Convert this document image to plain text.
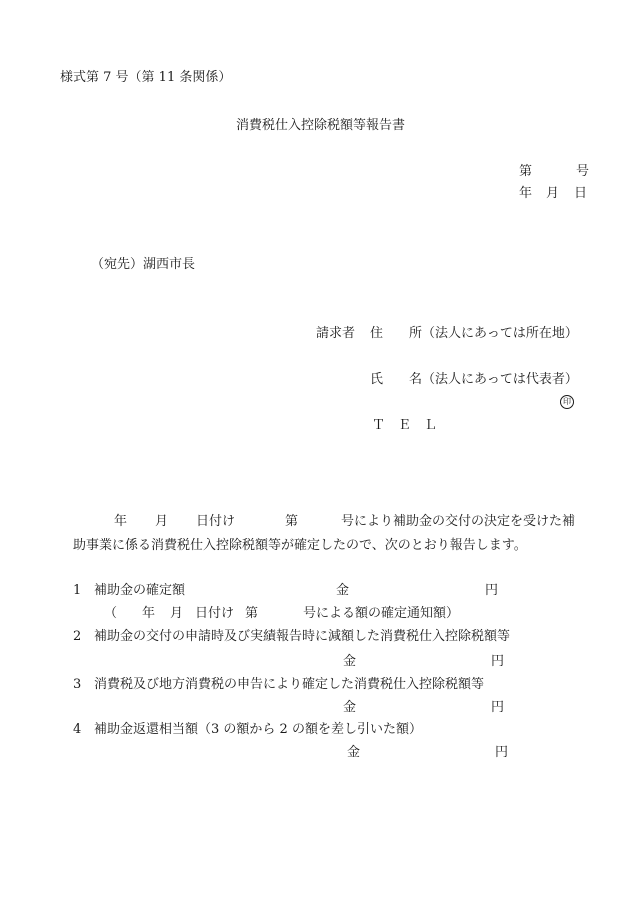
様式第 7 号（第 11 条関係）
消費税仕入控除税額等報告書
第	号
年 月 日
（宛先）湖西市長
請求者 住 所（法人にあっては所在地）
氏 名（法人にあっては代表者）
印
Ｔ　Ｅ　Ｌ
年 月 日付け	第	号により補助金の交付の決定を受けた補
助事業に係る消費税仕入控除税額等が確定したので、次のとおり報告します。
1 補助金の確定額	金	円
（ 年 月 日付け 第	号による額の確定通知額）
2 補助金の交付の申請時及び実績報告時に減額した消費税仕入控除税額等
金	円
3 消費税及び地方消費税の申告により確定した消費税仕入控除税額等
金	円
4 補助金返還相当額（3 の額から 2 の額を差し引いた額）
金	円
